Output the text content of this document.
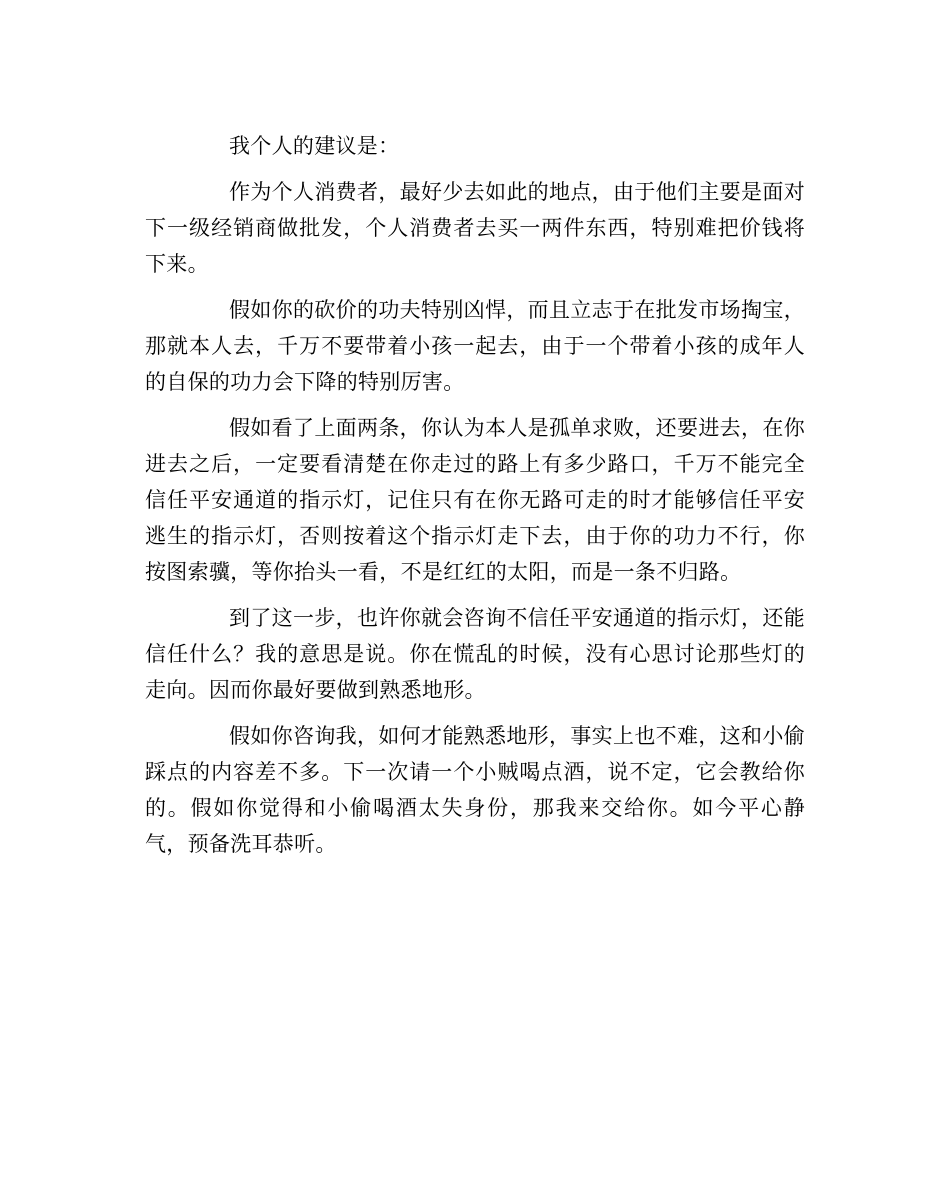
我个人的建议是：

作为个人消费者，最好少去如此的地点，由于他们主要是面对下一级经销商做批发，个人消费者去买一两件东西，特别难把价钱将下来。

假如你的砍价的功夫特别凶悍，而且立志于在批发市场掏宝，那就本人去，千万不要带着小孩一起去，由于一个带着小孩的成年人的自保的功力会下降的特别厉害。

假如看了上面两条，你认为本人是孤单求败，还要进去，在你进去之后，一定要看清楚在你走过的路上有多少路口，千万不能完全信任平安通道的指示灯，记住只有在你无路可走的时才能够信任平安逃生的指示灯，否则按着这个指示灯走下去，由于你的功力不行，你按图索骥，等你抬头一看，不是红红的太阳，而是一条不归路。

到了这一步，也许你就会咨询不信任平安通道的指示灯，还能信任什么？我的意思是说。你在慌乱的时候，没有心思讨论那些灯的走向。因而你最好要做到熟悉地形。

假如你咨询我，如何才能熟悉地形，事实上也不难，这和小偷踩点的内容差不多。下一次请一个小贼喝点酒，说不定，它会教给你的。假如你觉得和小偷喝酒太失身份，那我来交给你。如今平心静气，预备洗耳恭听。
